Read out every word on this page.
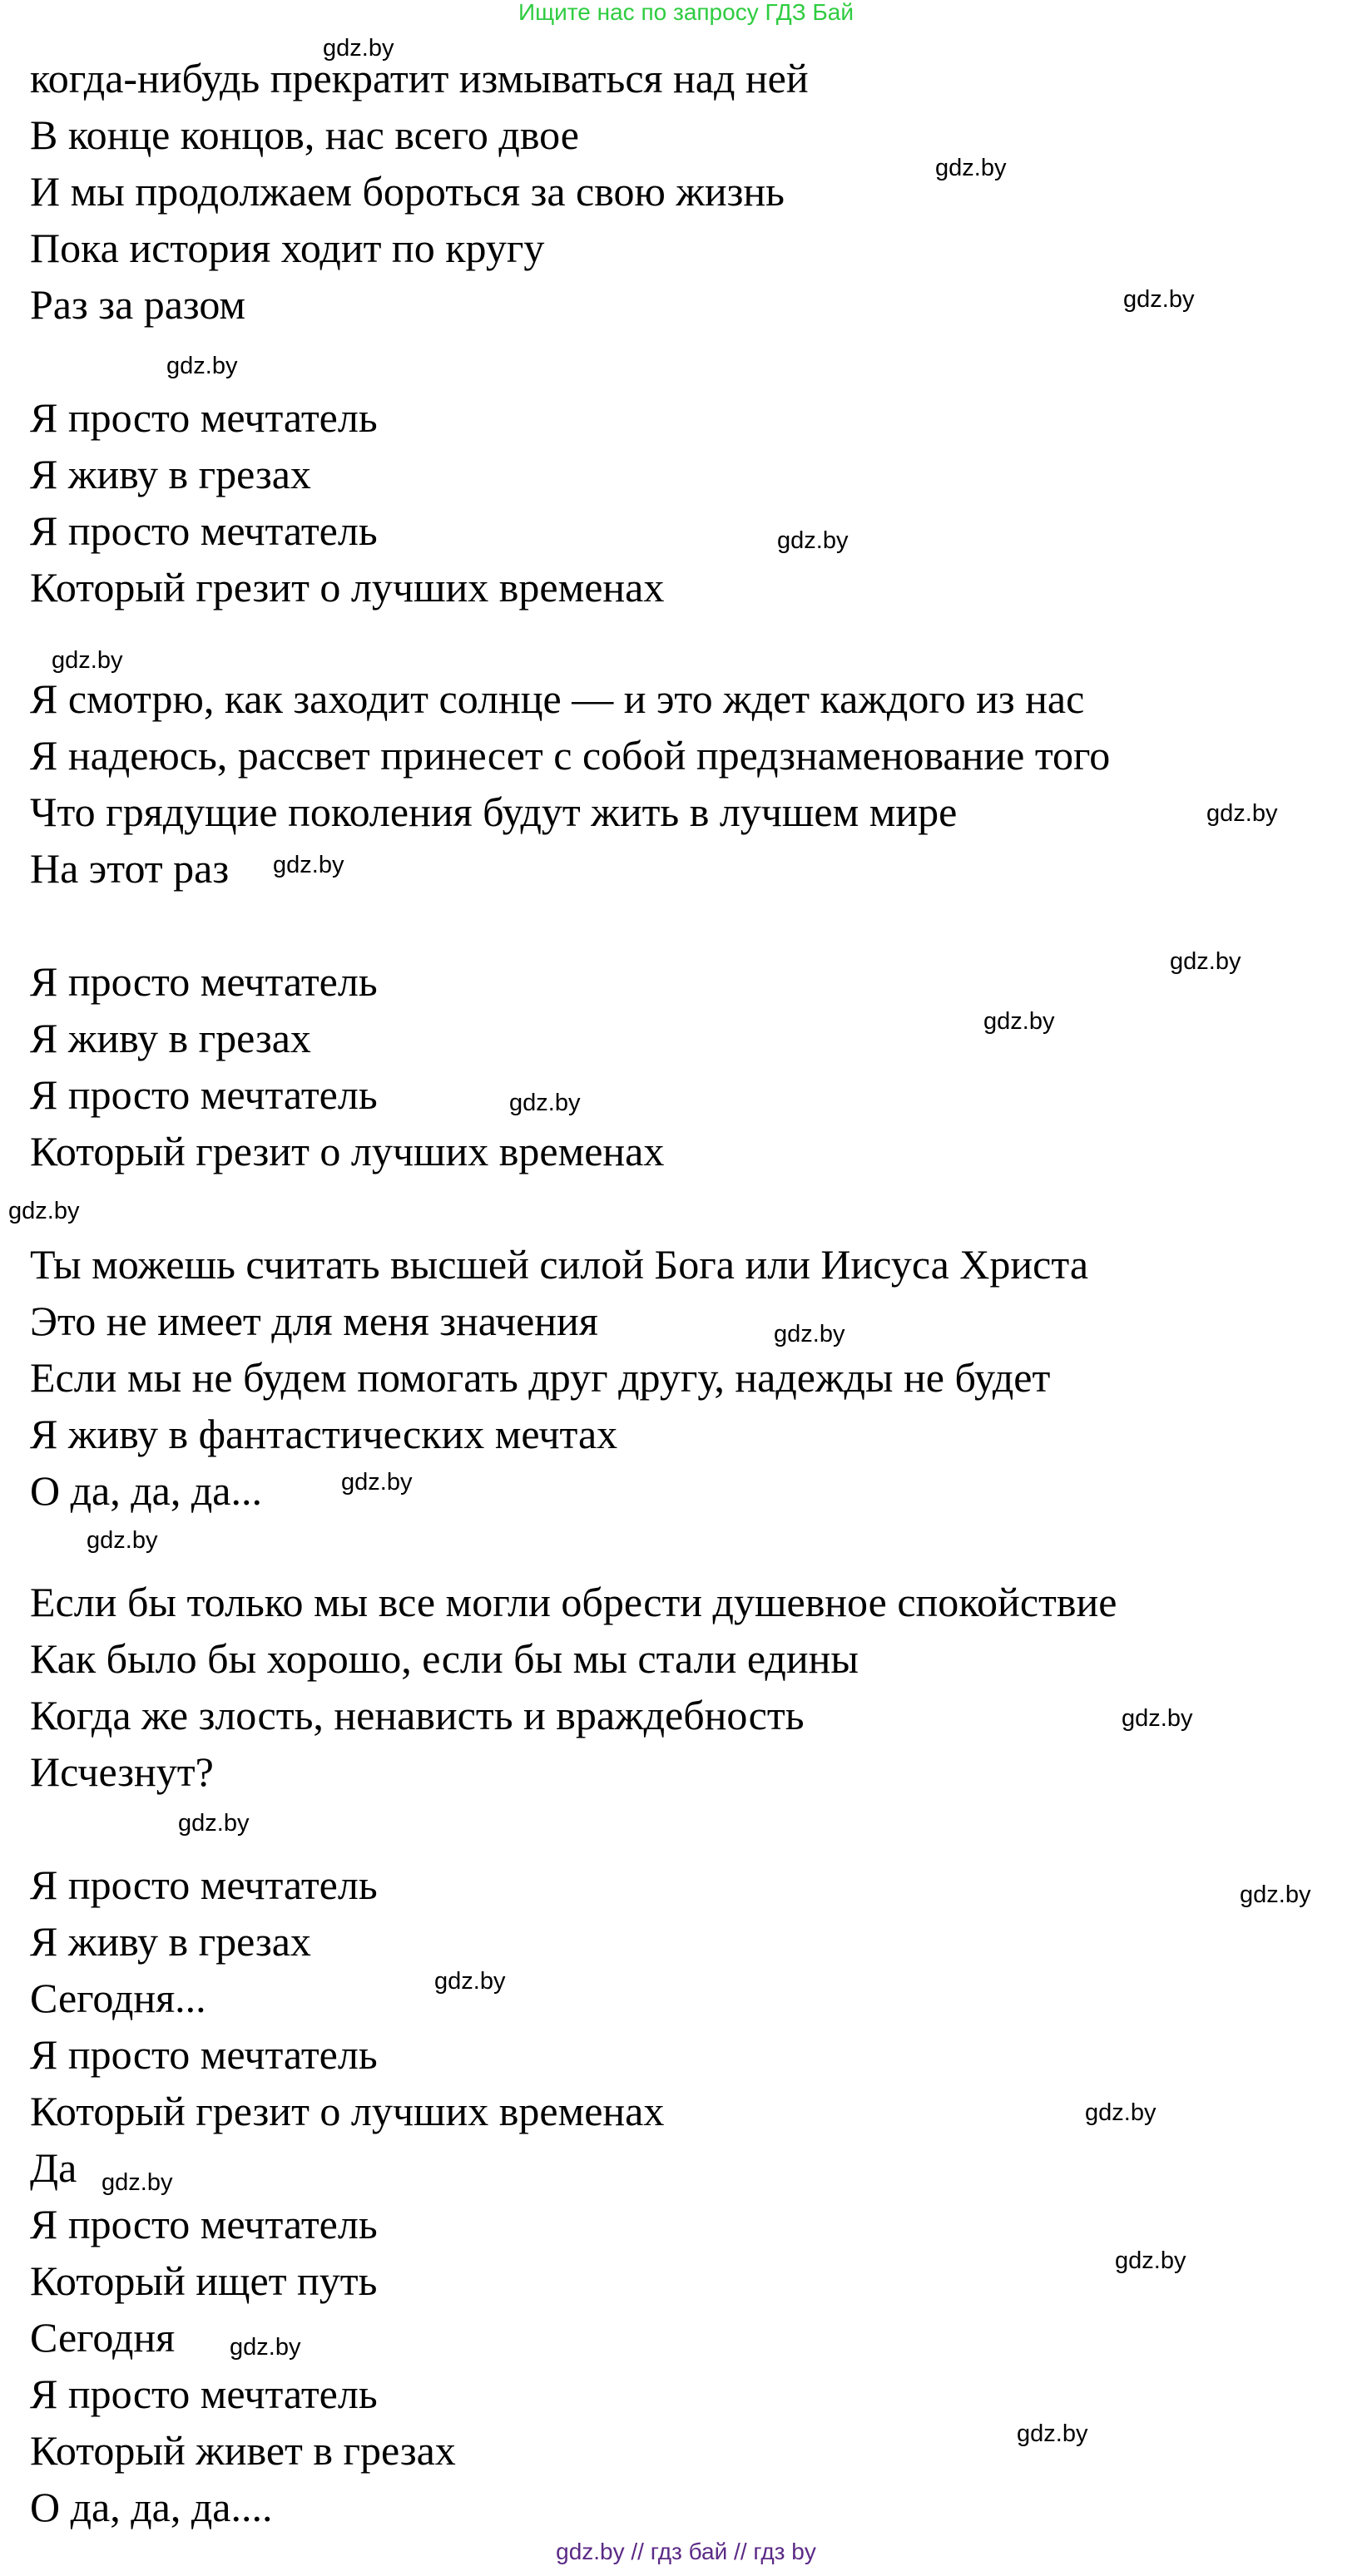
Ищите нас по запросу ГДЗ Бай
когда-нибудь прекратит измываться над ней
В конце концов, нас всего двое
И мы продолжаем бороться за свою жизнь
Пока история ходит по кругу
Раз за разом
Я просто мечтатель
Я живу в грезах
Я просто мечтатель
Который грезит о лучших временах
Я смотрю, как заходит солнце — и это ждет каждого из нас
Я надеюсь, рассвет принесет с собой предзнаменование того
Что грядущие поколения будут жить в лучшем мире
На этот раз
Я просто мечтатель
Я живу в грезах
Я просто мечтатель
Который грезит о лучших временах
Ты можешь считать высшей силой Бога или Иисуса Христа
Это не имеет для меня значения
Если мы не будем помогать друг другу, надежды не будет
Я живу в фантастических мечтах
О да, да, да...
Если бы только мы все могли обрести душевное спокойствие
Как было бы хорошо, если бы мы стали едины
Когда же злость, ненависть и враждебность
Исчезнут?
Я просто мечтатель
Я живу в грезах
Сегодня...
Я просто мечтатель
Который грезит о лучших временах
Да
Я просто мечтатель
Который ищет путь
Сегодня
Я просто мечтатель
Который живет в грезах
О да, да, да....
gdz.by
gdz.by
gdz.by
gdz.by
gdz.by
gdz.by
gdz.by
gdz.by
gdz.by
gdz.by
gdz.by
gdz.by
gdz.by
gdz.by
gdz.by
gdz.by
gdz.by
gdz.by
gdz.by
gdz.by
gdz.by
gdz.by
gdz.by
gdz.by
gdz.by // гдз бай // гдз by
